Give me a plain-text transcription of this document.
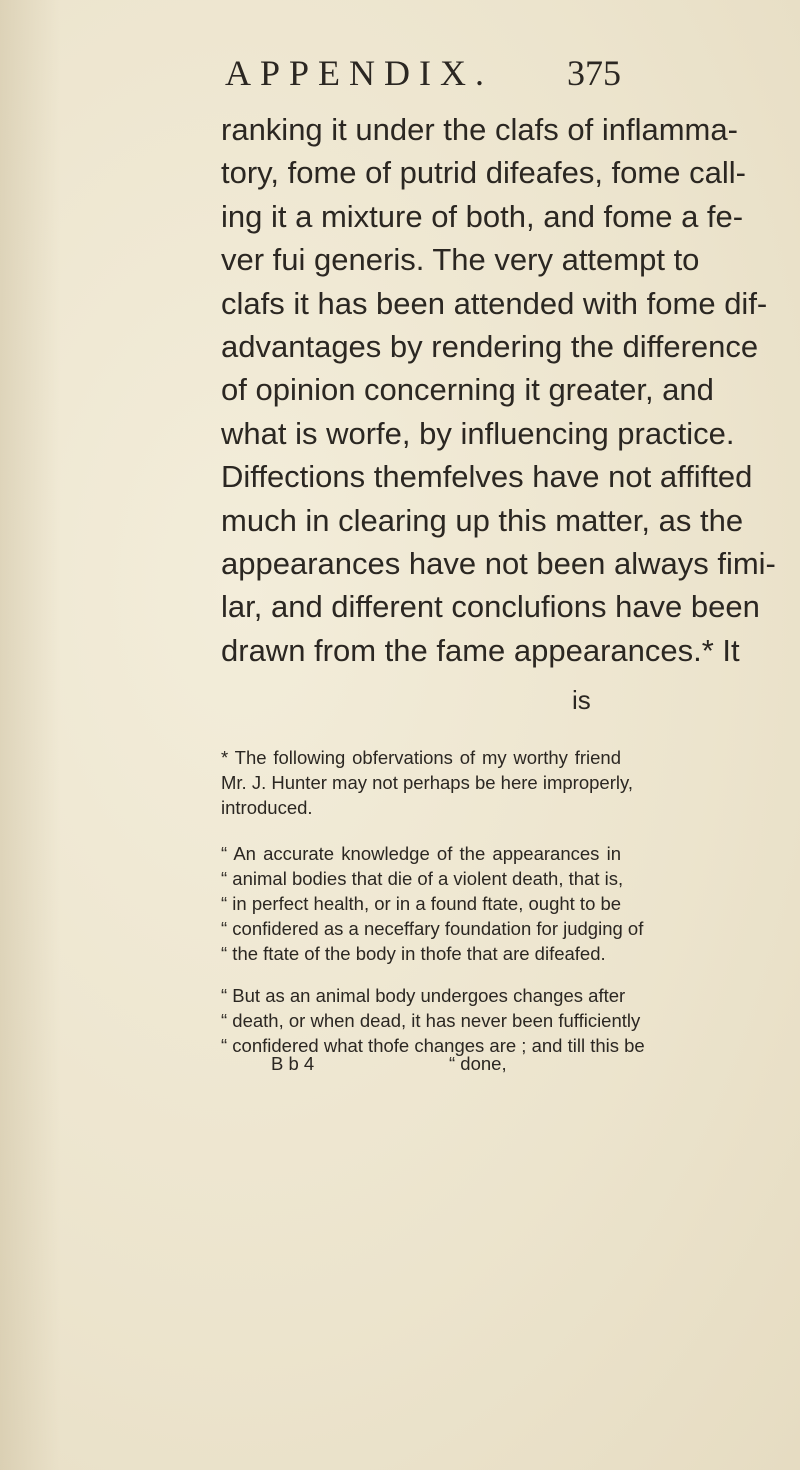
APPENDIX. 375
ranking it under the clafs of inflamma-
tory, fome of putrid difeafes, fome call-
ing it a mixture of both, and fome a fe-
ver fui generis. The very attempt to
clafs it has been attended with fome dif-
advantages by rendering the difference
of opinion concerning it greater, and
what is worfe, by influencing practice.
Diffections themfelves have not affifted
much in clearing up this matter, as the
appearances have not been always fimi-
lar, and different conclufions have been
drawn from the fame appearances.* It
is
* The following obfervations of my worthy friend
Mr. J. Hunter may not perhaps be here improperly,
introduced.
“ An accurate knowledge of the appearances in
“ animal bodies that die of a violent death, that is,
“ in perfect health, or in a found ftate, ought to be
“ confidered as a neceffary foundation for judging of
“ the ftate of the body in thofe that are difeafed.
“ But as an animal body undergoes changes after
“ death, or when dead, it has never been fufficiently
“ confidered what thofe changes are ; and till this be
B b 4	“ done,
